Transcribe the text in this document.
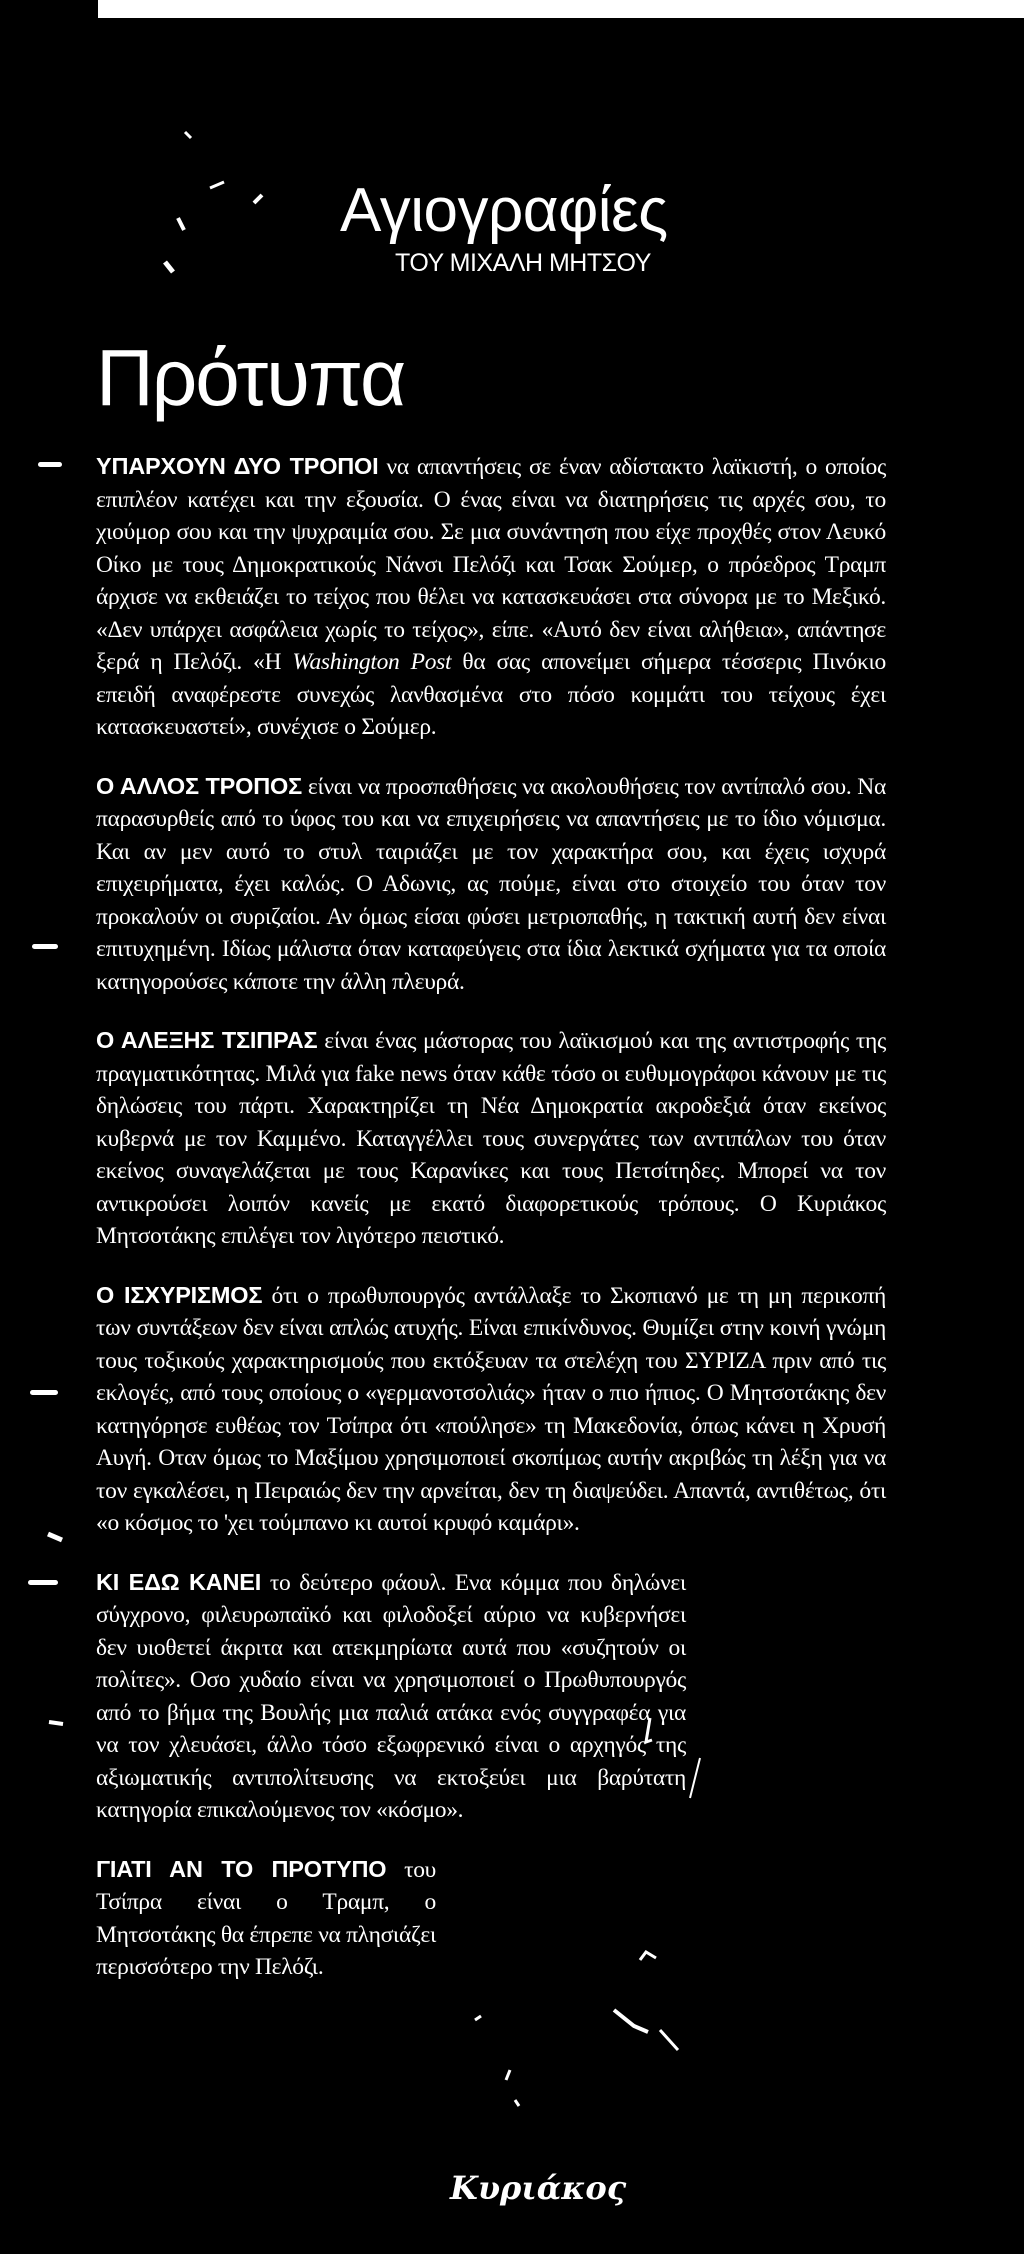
Αγιογραφίες
ΤΟΥ ΜΙΧΑΛΗ ΜΗΤΣΟΥ
Πρότυπα

ΥΠΑΡΧΟΥΝ ΔΥΟ ΤΡΟΠΟΙ να απαντήσεις σε έναν αδίστακτο λαϊκιστή, ο οποίος επιπλέον κατέχει και την εξουσία. Ο ένας είναι να διατηρήσεις τις αρχές σου, το χιούμορ σου και την ψυχραιμία σου. Σε μια συνάντηση που είχε προχθές στον Λευκό Οίκο με τους Δημοκρατικούς Νάνσι Πελόζι και Τσακ Σούμερ, ο πρόεδρος Τραμπ άρχισε να εκθειάζει το τείχος που θέλει να κατασκευάσει στα σύνορα με το Μεξικό. «Δεν υπάρχει ασφάλεια χωρίς το τείχος», είπε. «Αυτό δεν είναι αλήθεια», απάντησε ξερά η Πελόζι. «Η Washington Post θα σας απονείμει σήμερα τέσσερις Πινόκιο επειδή αναφέρεστε συνεχώς λανθασμένα στο πόσο κομμάτι του τείχους έχει κατασκευαστεί», συνέχισε ο Σούμερ.

Ο ΑΛΛΟΣ ΤΡΟΠΟΣ είναι να προσπαθήσεις να ακολουθήσεις τον αντίπαλό σου. Να παρασυρθείς από το ύφος του και να επιχειρήσεις να απαντήσεις με το ίδιο νόμισμα. Και αν μεν αυτό το στυλ ταιριάζει με τον χαρακτήρα σου, και έχεις ισχυρά επιχειρήματα, έχει καλώς. Ο Αδωνις, ας πούμε, είναι στο στοιχείο του όταν τον προκαλούν οι συριζαίοι. Αν όμως είσαι φύσει μετριοπαθής, η τακτική αυτή δεν είναι επιτυχημένη. Ιδίως μάλιστα όταν καταφεύγεις στα ίδια λεκτικά σχήματα για τα οποία κατηγορούσες κάποτε την άλλη πλευρά.

Ο ΑΛΕΞΗΣ ΤΣΙΠΡΑΣ είναι ένας μάστορας του λαϊκισμού και της αντιστροφής της πραγματικότητας. Μιλά για fake news όταν κάθε τόσο οι ευθυμογράφοι κάνουν με τις δηλώσεις του πάρτι. Χαρακτηρίζει τη Νέα Δημοκρατία ακροδεξιά όταν εκείνος κυβερνά με τον Καμμένο. Καταγγέλλει τους συνεργάτες των αντιπάλων του όταν εκείνος συναγελάζεται με τους Καρανίκες και τους Πετσίτηδες. Μπορεί να τον αντικρούσει λοιπόν κανείς με εκατό διαφορετικούς τρόπους. Ο Κυριάκος Μητσοτάκης επιλέγει τον λιγότερο πειστικό.

Ο ΙΣΧΥΡΙΣΜΟΣ ότι ο πρωθυπουργός αντάλλαξε το Σκοπιανό με τη μη περικοπή των συντάξεων δεν είναι απλώς ατυχής. Είναι επικίνδυνος. Θυμίζει στην κοινή γνώμη τους τοξικούς χαρακτηρισμούς που εκτόξευαν τα στελέχη του ΣΥΡΙΖΑ πριν από τις εκλογές, από τους οποίους ο «γερμανοτσολιάς» ήταν ο πιο ήπιος. Ο Μητσοτάκης δεν κατηγόρησε ευθέως τον Τσίπρα ότι «πούλησε» τη Μακεδονία, όπως κάνει η Χρυσή Αυγή. Οταν όμως το Μαξίμου χρησιμοποιεί σκοπίμως αυτήν ακριβώς τη λέξη για να τον εγκαλέσει, η Πειραιώς δεν την αρνείται, δεν τη διαψεύδει. Απαντά, αντιθέτως, ότι «ο κόσμος το 'χει τούμπανο κι αυτοί κρυφό καμάρι».

ΚΙ ΕΔΩ ΚΑΝΕΙ το δεύτερο φάουλ. Ενα κόμμα που δηλώνει σύγχρονο, φιλευρωπαϊκό και φιλοδοξεί αύριο να κυβερνήσει δεν υιοθετεί άκριτα και ατεκμηρίωτα αυτά που «συζητούν οι πολίτες». Οσο χυδαίο είναι να χρησιμοποιεί ο Πρωθυπουργός από το βήμα της Βουλής μια παλιά ατάκα ενός συγγραφέα για να τον χλευάσει, άλλο τόσο εξωφρενικό είναι ο αρχηγός της αξιωματικής αντιπολίτευσης να εκτοξεύει μια βαρύτατη κατηγορία επικαλούμενος τον «κόσμο».

ΓΙΑΤΙ ΑΝ ΤΟ ΠΡΟΤΥΠΟ του Τσίπρα είναι ο Τραμπ, ο Μητσοτάκης θα έπρεπε να πλησιάζει περισσότερο την Πελόζι.

Κυριάκος
